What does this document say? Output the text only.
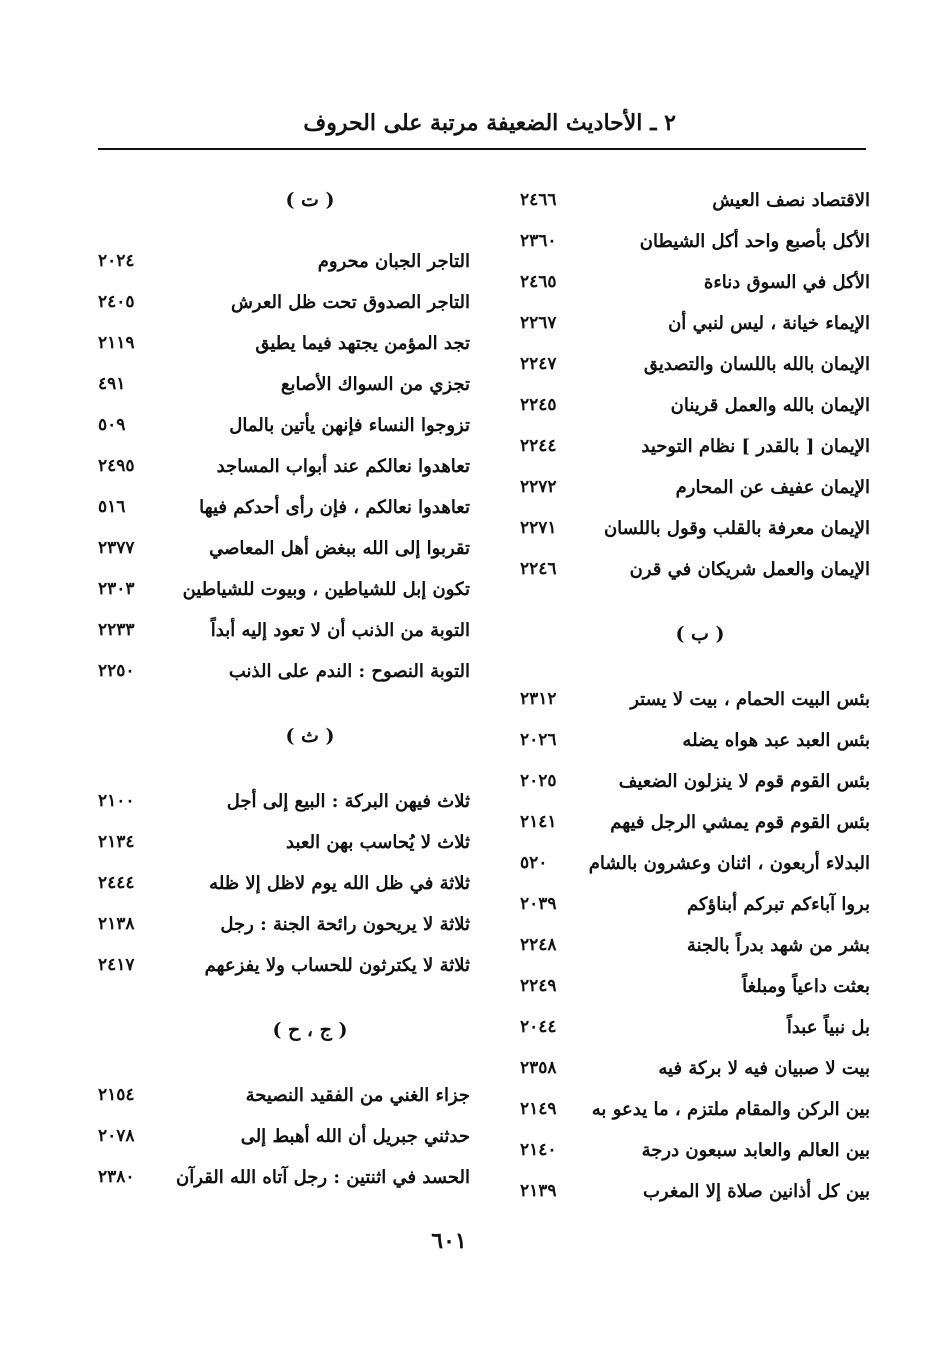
٢ ـ الأحاديث الضعيفة مرتبة على الحروف
الاقتصاد نصف العيش
٢٤٦٦
الأكل بأصبع واحد أكل الشيطان
٢٣٦٠
الأكل في السوق دناءة
٢٤٦٥
الإيماء خيانة ، ليس لنبي أن
٢٢٦٧
الإيمان بالله باللسان والتصديق
٢٢٤٧
الإيمان بالله والعمل قرينان
٢٢٤٥
الإيمان [ بالقدر ] نظام التوحيد
٢٢٤٤
الإيمان عفيف عن المحارم
٢٢٧٢
الإيمان معرفة بالقلب وقول باللسان
٢٢٧١
الإيمان والعمل شريكان في قرن
٢٢٤٦
( ب )
بئس البيت الحمام ، بيت لا يستر
٢٣١٢
بئس العبد عبد هواه يضله
٢٠٢٦
بئس القوم قوم لا ينزلون الضعيف
٢٠٢٥
بئس القوم قوم يمشي الرجل فيهم
٢١٤١
البدلاء أربعون ، اثنان وعشرون بالشام
٥٢٠
بروا آباءكم تبركم أبناؤكم
٢٠٣٩
بشر من شهد بدراً بالجنة
٢٢٤٨
بعثت داعياً ومبلغاً
٢٢٤٩
بل نبياً عبداً
٢٠٤٤
بيت لا صبيان فيه لا بركة فيه
٢٣٥٨
بين الركن والمقام ملتزم ، ما يدعو به
٢١٤٩
بين العالم والعابد سبعون درجة
٢١٤٠
بين كل أذانين صلاة إلا المغرب
٢١٣٩
( ت )
التاجر الجبان محروم
٢٠٢٤
التاجر الصدوق تحت ظل العرش
٢٤٠٥
تجد المؤمن يجتهد فيما يطيق
٢١١٩
تجزي من السواك الأصابع
٤٩١
تزوجوا النساء فإنهن يأتين بالمال
٥٠٩
تعاهدوا نعالكم عند أبواب المساجد
٢٤٩٥
تعاهدوا نعالكم ، فإن رأى أحدكم فيها
٥١٦
تقربوا إلى الله ببغض أهل المعاصي
٢٣٧٧
تكون إبل للشياطين ، وبيوت للشياطين
٢٣٠٣
التوبة من الذنب أن لا تعود إليه أبداً
٢٢٣٣
التوبة النصوح : الندم على الذنب
٢٢٥٠
( ث )
ثلاث فيهن البركة : البيع إلى أجل
٢١٠٠
ثلاث لا يُحاسب بهن العبد
٢١٣٤
ثلاثة في ظل الله يوم لاظل إلا ظله
٢٤٤٤
ثلاثة لا يريحون رائحة الجنة : رجل
٢١٣٨
ثلاثة لا يكترثون للحساب ولا يفزعهم
٢٤١٧
( ج ، ح )
جزاء الغني من الفقيد النصيحة
٢١٥٤
حدثني جبريل أن الله أهبط إلى
٢٠٧٨
الحسد في اثنتين : رجل آتاه الله القرآن
٢٣٨٠
٦٠١
